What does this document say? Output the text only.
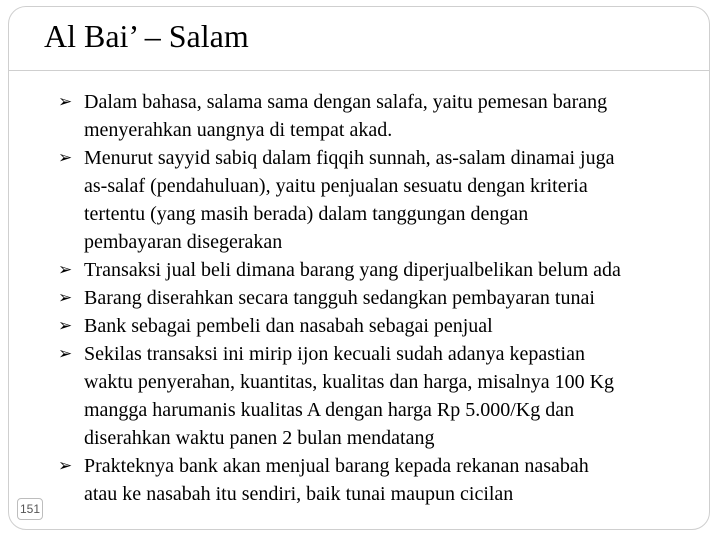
Al Bai’ – Salam
➢ Dalam bahasa, salama sama dengan salafa, yaitu pemesan barang
menyerahkan uangnya di tempat akad.
➢ Menurut sayyid sabiq dalam fiqqih sunnah, as-salam dinamai juga
as-salaf (pendahuluan), yaitu penjualan sesuatu dengan kriteria
tertentu (yang masih berada) dalam tanggungan dengan
pembayaran disegerakan
➢ Transaksi jual beli dimana barang yang diperjualbelikan belum ada
➢ Barang diserahkan secara tangguh sedangkan pembayaran tunai
➢ Bank sebagai pembeli dan nasabah sebagai penjual
➢ Sekilas transaksi ini mirip ijon kecuali sudah adanya kepastian
waktu penyerahan, kuantitas, kualitas dan harga, misalnya 100 Kg
mangga harumanis kualitas A dengan harga Rp 5.000/Kg dan
diserahkan waktu panen 2 bulan mendatang
➢ Prakteknya bank akan menjual barang kepada rekanan nasabah
atau ke nasabah itu sendiri, baik tunai maupun cicilan
151
